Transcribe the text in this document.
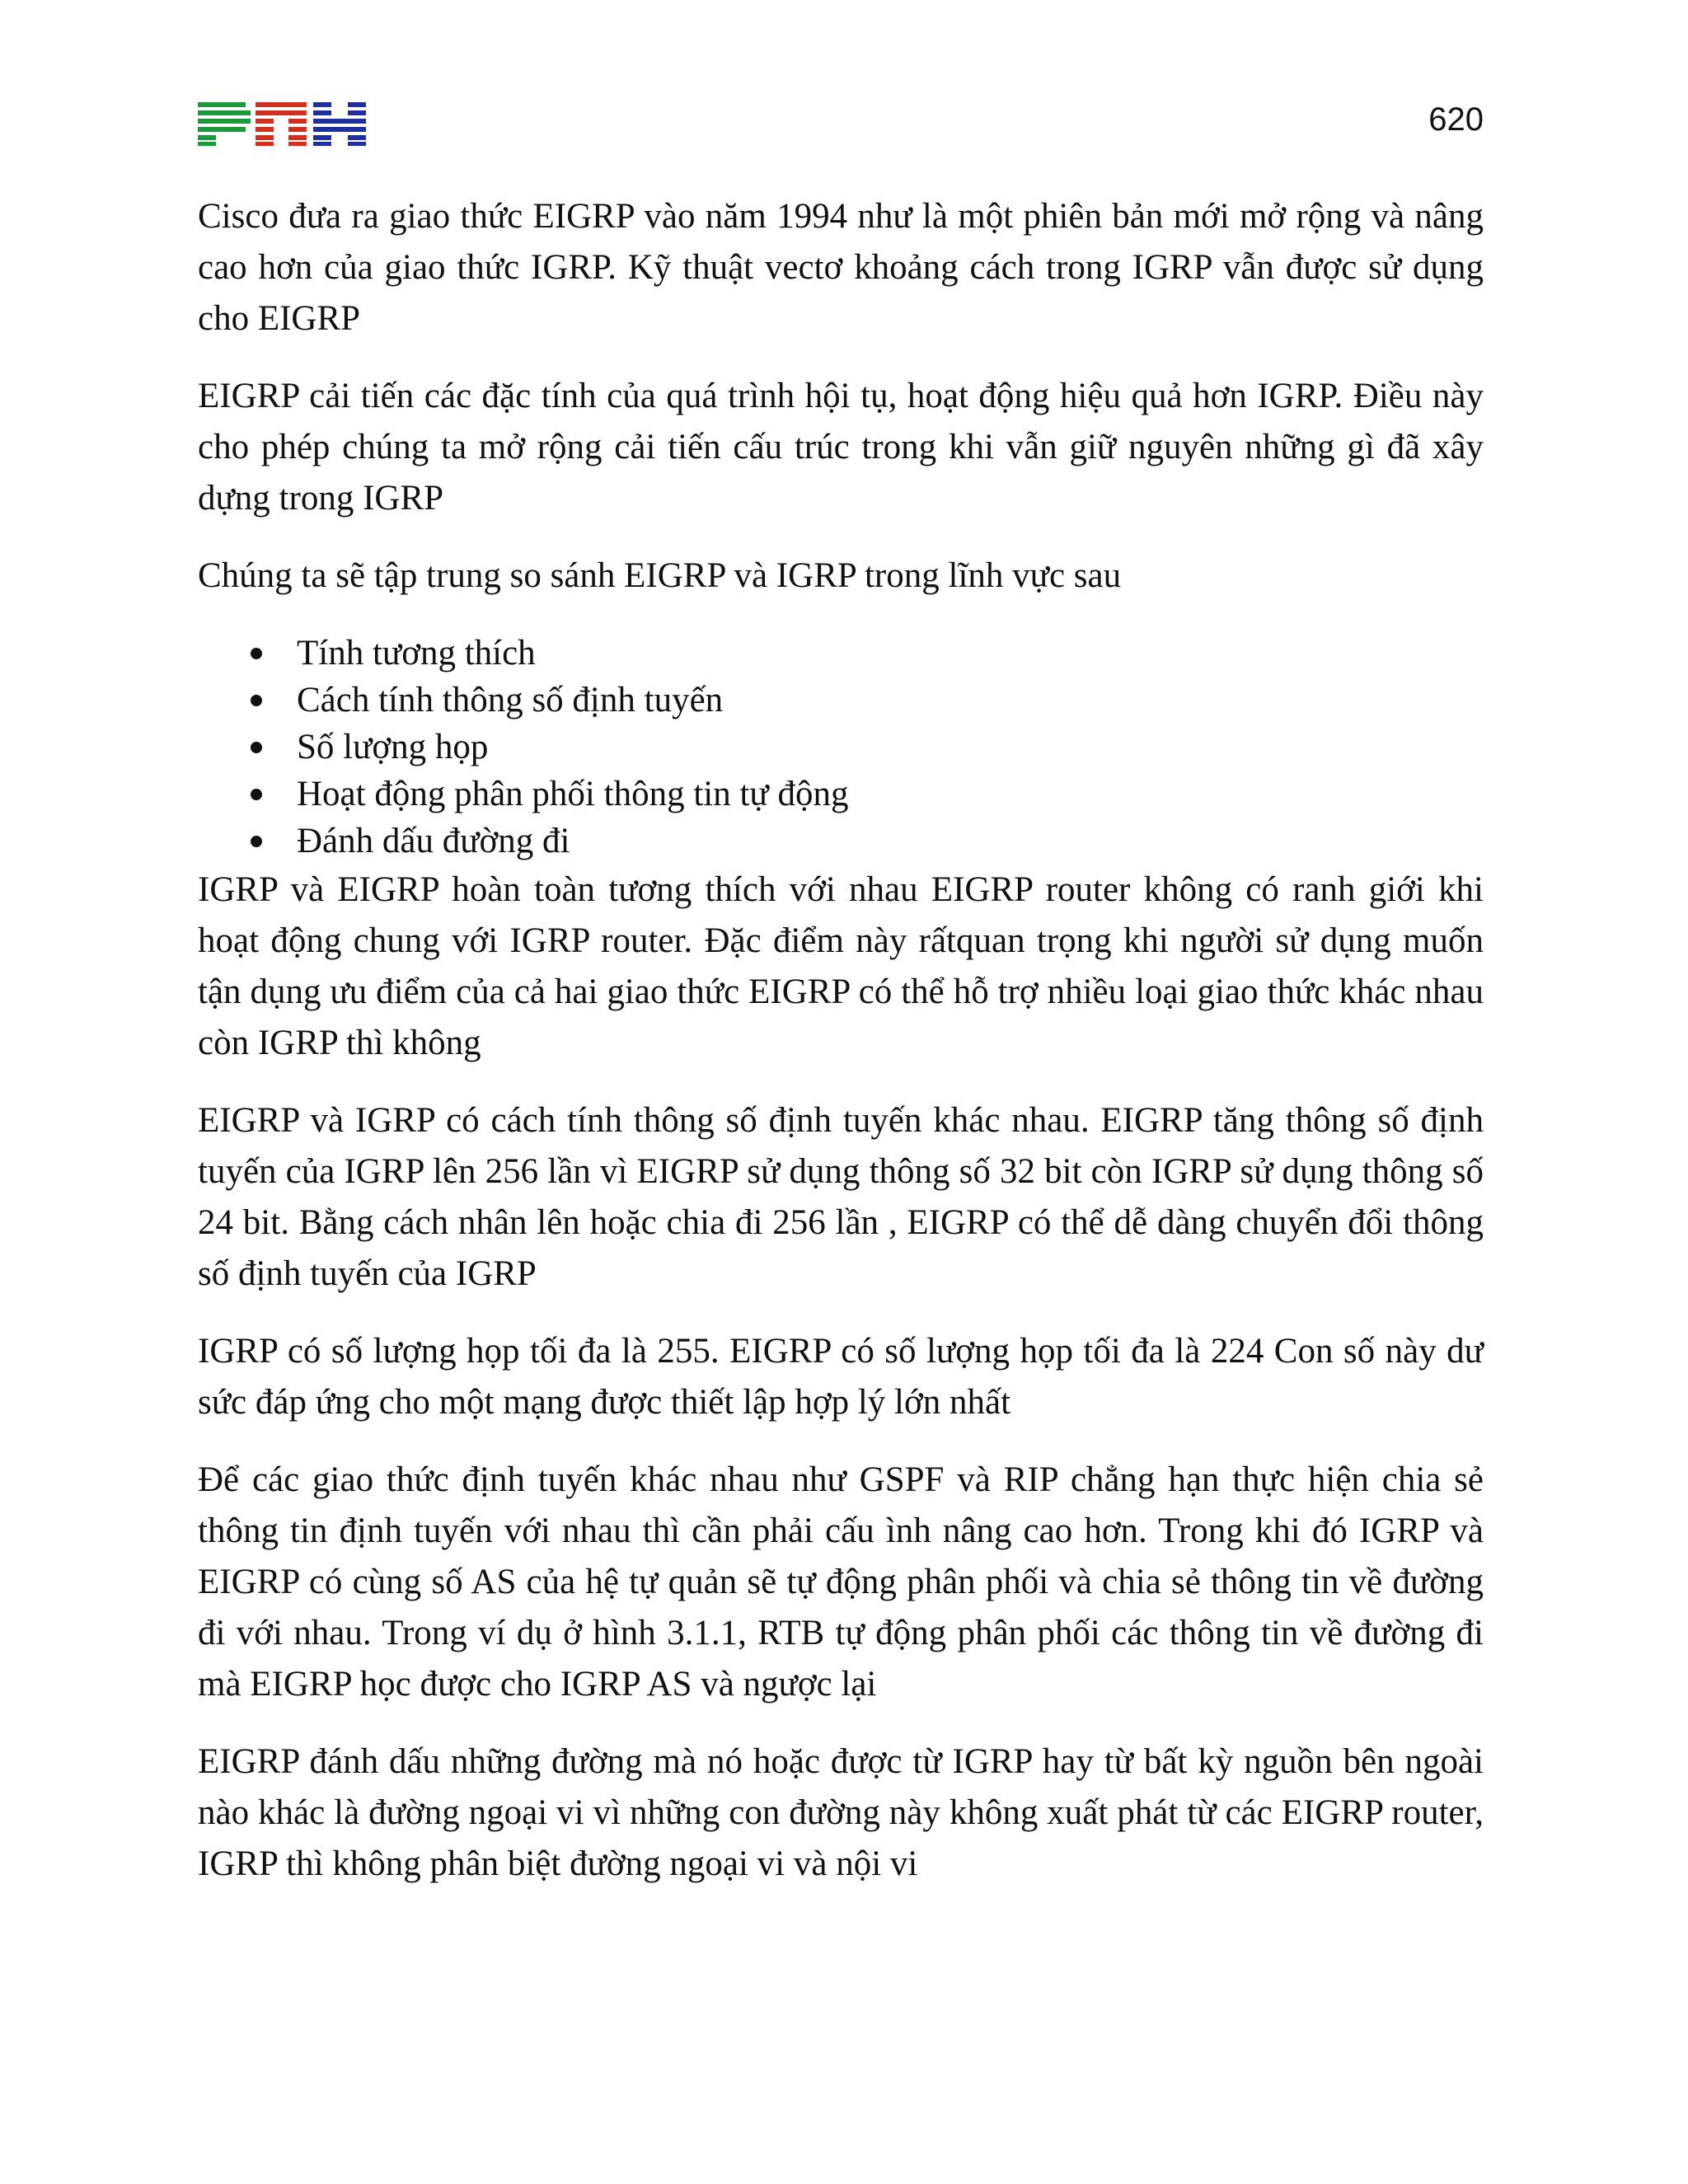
620

Cisco đưa ra giao thức EIGRP vào năm 1994 như là một phiên bản mới mở rộng và nâng cao hơn của giao thức IGRP. Kỹ thuật vectơ khoảng cách trong IGRP vẫn được sử dụng cho EIGRP

EIGRP cải tiến các đặc tính của quá trình hội tụ, hoạt động hiệu quả hơn IGRP. Điều này cho phép chúng ta mở rộng cải tiến cấu trúc trong khi vẫn giữ nguyên những gì đã xây dựng trong IGRP

Chúng ta sẽ tập trung so sánh EIGRP và IGRP trong lĩnh vực sau

Tính tương thích
Cách tính thông số định tuyến
Số lượng họp
Hoạt động phân phối thông tin tự động
Đánh dấu đường đi

IGRP và EIGRP hoàn toàn tương thích với nhau EIGRP router không có ranh giới khi hoạt động chung với IGRP router. Đặc điểm này rấtquan trọng khi người sử dụng muốn tận dụng ưu điểm của cả hai giao thức EIGRP có thể hỗ trợ nhiều loại giao thức khác nhau còn IGRP thì không

EIGRP và IGRP có cách tính thông số định tuyến khác nhau. EIGRP tăng thông số định tuyến của IGRP lên 256 lần vì EIGRP sử dụng thông số 32 bit còn IGRP sử dụng thông số 24 bit. Bằng cách nhân lên hoặc chia đi 256 lần , EIGRP có thể dễ dàng chuyển đổi thông số định tuyến của IGRP

IGRP có số lượng họp tối đa là 255. EIGRP có số lượng họp tối đa là 224 Con số này dư sức đáp ứng cho một mạng được thiết lập hợp lý lớn nhất

Để các giao thức định tuyến khác nhau như GSPF và RIP chẳng hạn thực hiện chia sẻ thông tin định tuyến với nhau thì cần phải cấu ình nâng cao hơn. Trong khi đó IGRP và EIGRP có cùng số AS của hệ tự quản sẽ tự động phân phối và chia sẻ thông tin về đường đi với nhau. Trong ví dụ ở hình 3.1.1, RTB tự động phân phối các thông tin về đường đi mà EIGRP học được cho IGRP AS và ngược lại

EIGRP đánh dấu những đường mà nó hoặc được từ IGRP hay từ bất kỳ nguồn bên ngoài nào khác là đường ngoại vi vì những con đường này không xuất phát từ các EIGRP router, IGRP thì không phân biệt đường ngoại vi và nội vi
